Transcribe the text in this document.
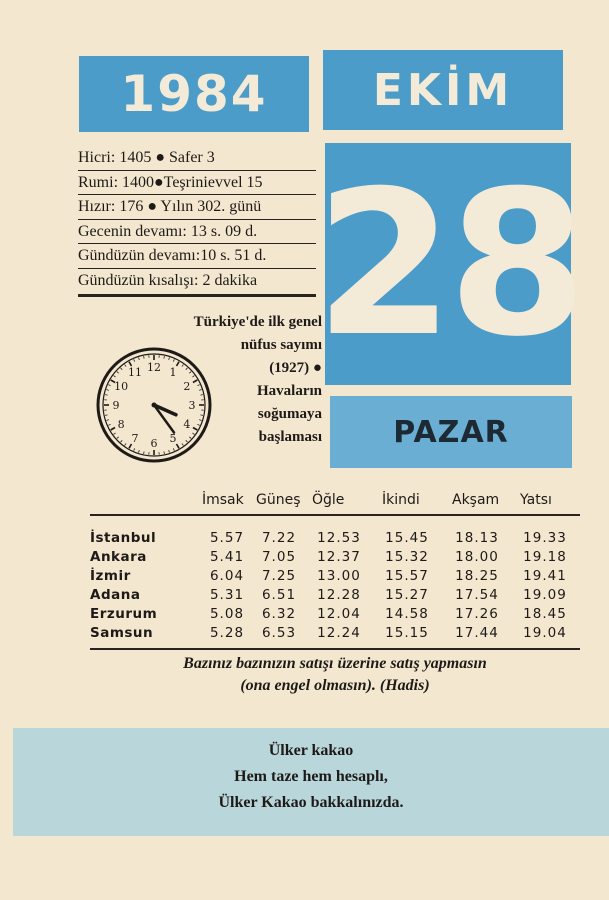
1984 EKİM
28
PAZAR
Hicri: 1405 ● Safer 3
Rumi: 1400●Teşrinievvel 15
Hızır: 176 ● Yılın 302. günü
Gecenin devamı: 13 s. 09 d.
Gündüzün devamı:10 s. 51 d.
Gündüzün kısalışı: 2 dakika
Türkiye'de ilk genel
nüfus sayımı
(1927) ●
Havaların
soğumaya
başlaması
12 1
2
3
4
5
6
7
8
9
10
11
İmsak Güneş Öğle	İkindi Akşam Yatsı
İstanbul	5.57	7.22	12.53	15.45	18.13	19.33
Ankara	5.41	7.05	12.37	15.32	18.00	19.18
İzmir	6.04	7.25	13.00	15.57	18.25	19.41
Adana	5.31	6.51	12.28	15.27	17.54	19.09
Erzurum	5.08	6.32	12.04	14.58	17.26	18.45
Samsun	5.28	6.53	12.24	15.15	17.44	19.04
Bazınız bazınızın satışı üzerine satış yapmasın
(ona engel olmasın). (Hadis)
Ülker kakao
Hem taze hem hesaplı,
Ülker Kakao bakkalınızda.
